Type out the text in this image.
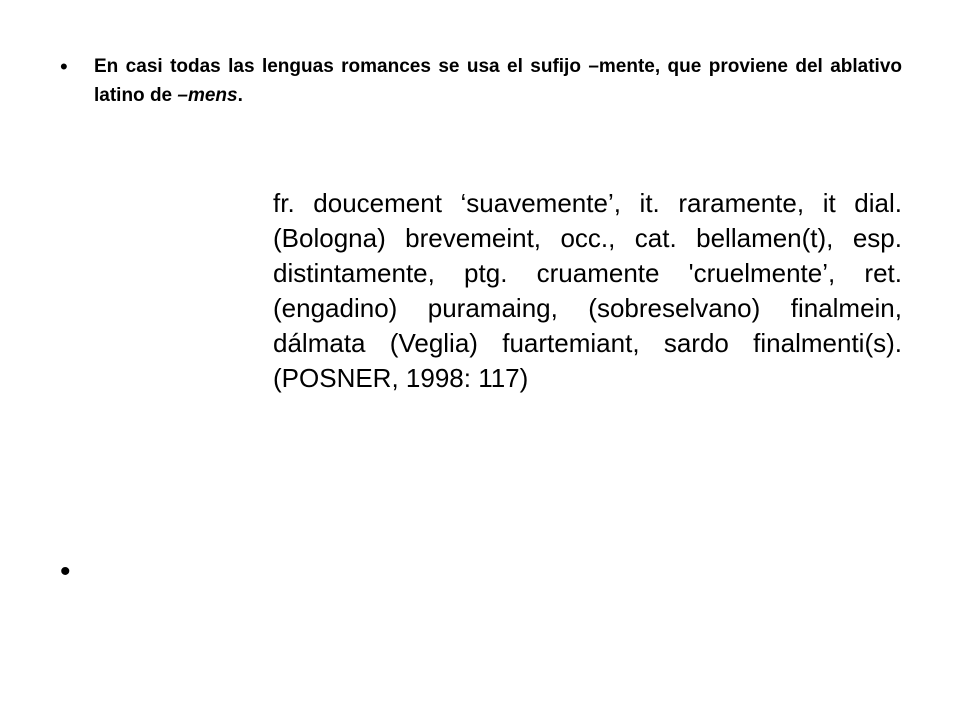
• En casi todas las lenguas romances se usa el sufijo –mente, que proviene del ablativo latino de –mens.
fr. doucement ‘suavemente’, it. raramente, it dial. (Bologna) brevemeint, occ., cat. bellamen(t), esp. distintamente, ptg. cruamente 'cruelmente’, ret. (engadino) puramaing, (sobreselvano) finalmein, dálmata (Veglia) fuartemiant, sardo finalmenti(s). (POSNER, 1998: 117)
•
